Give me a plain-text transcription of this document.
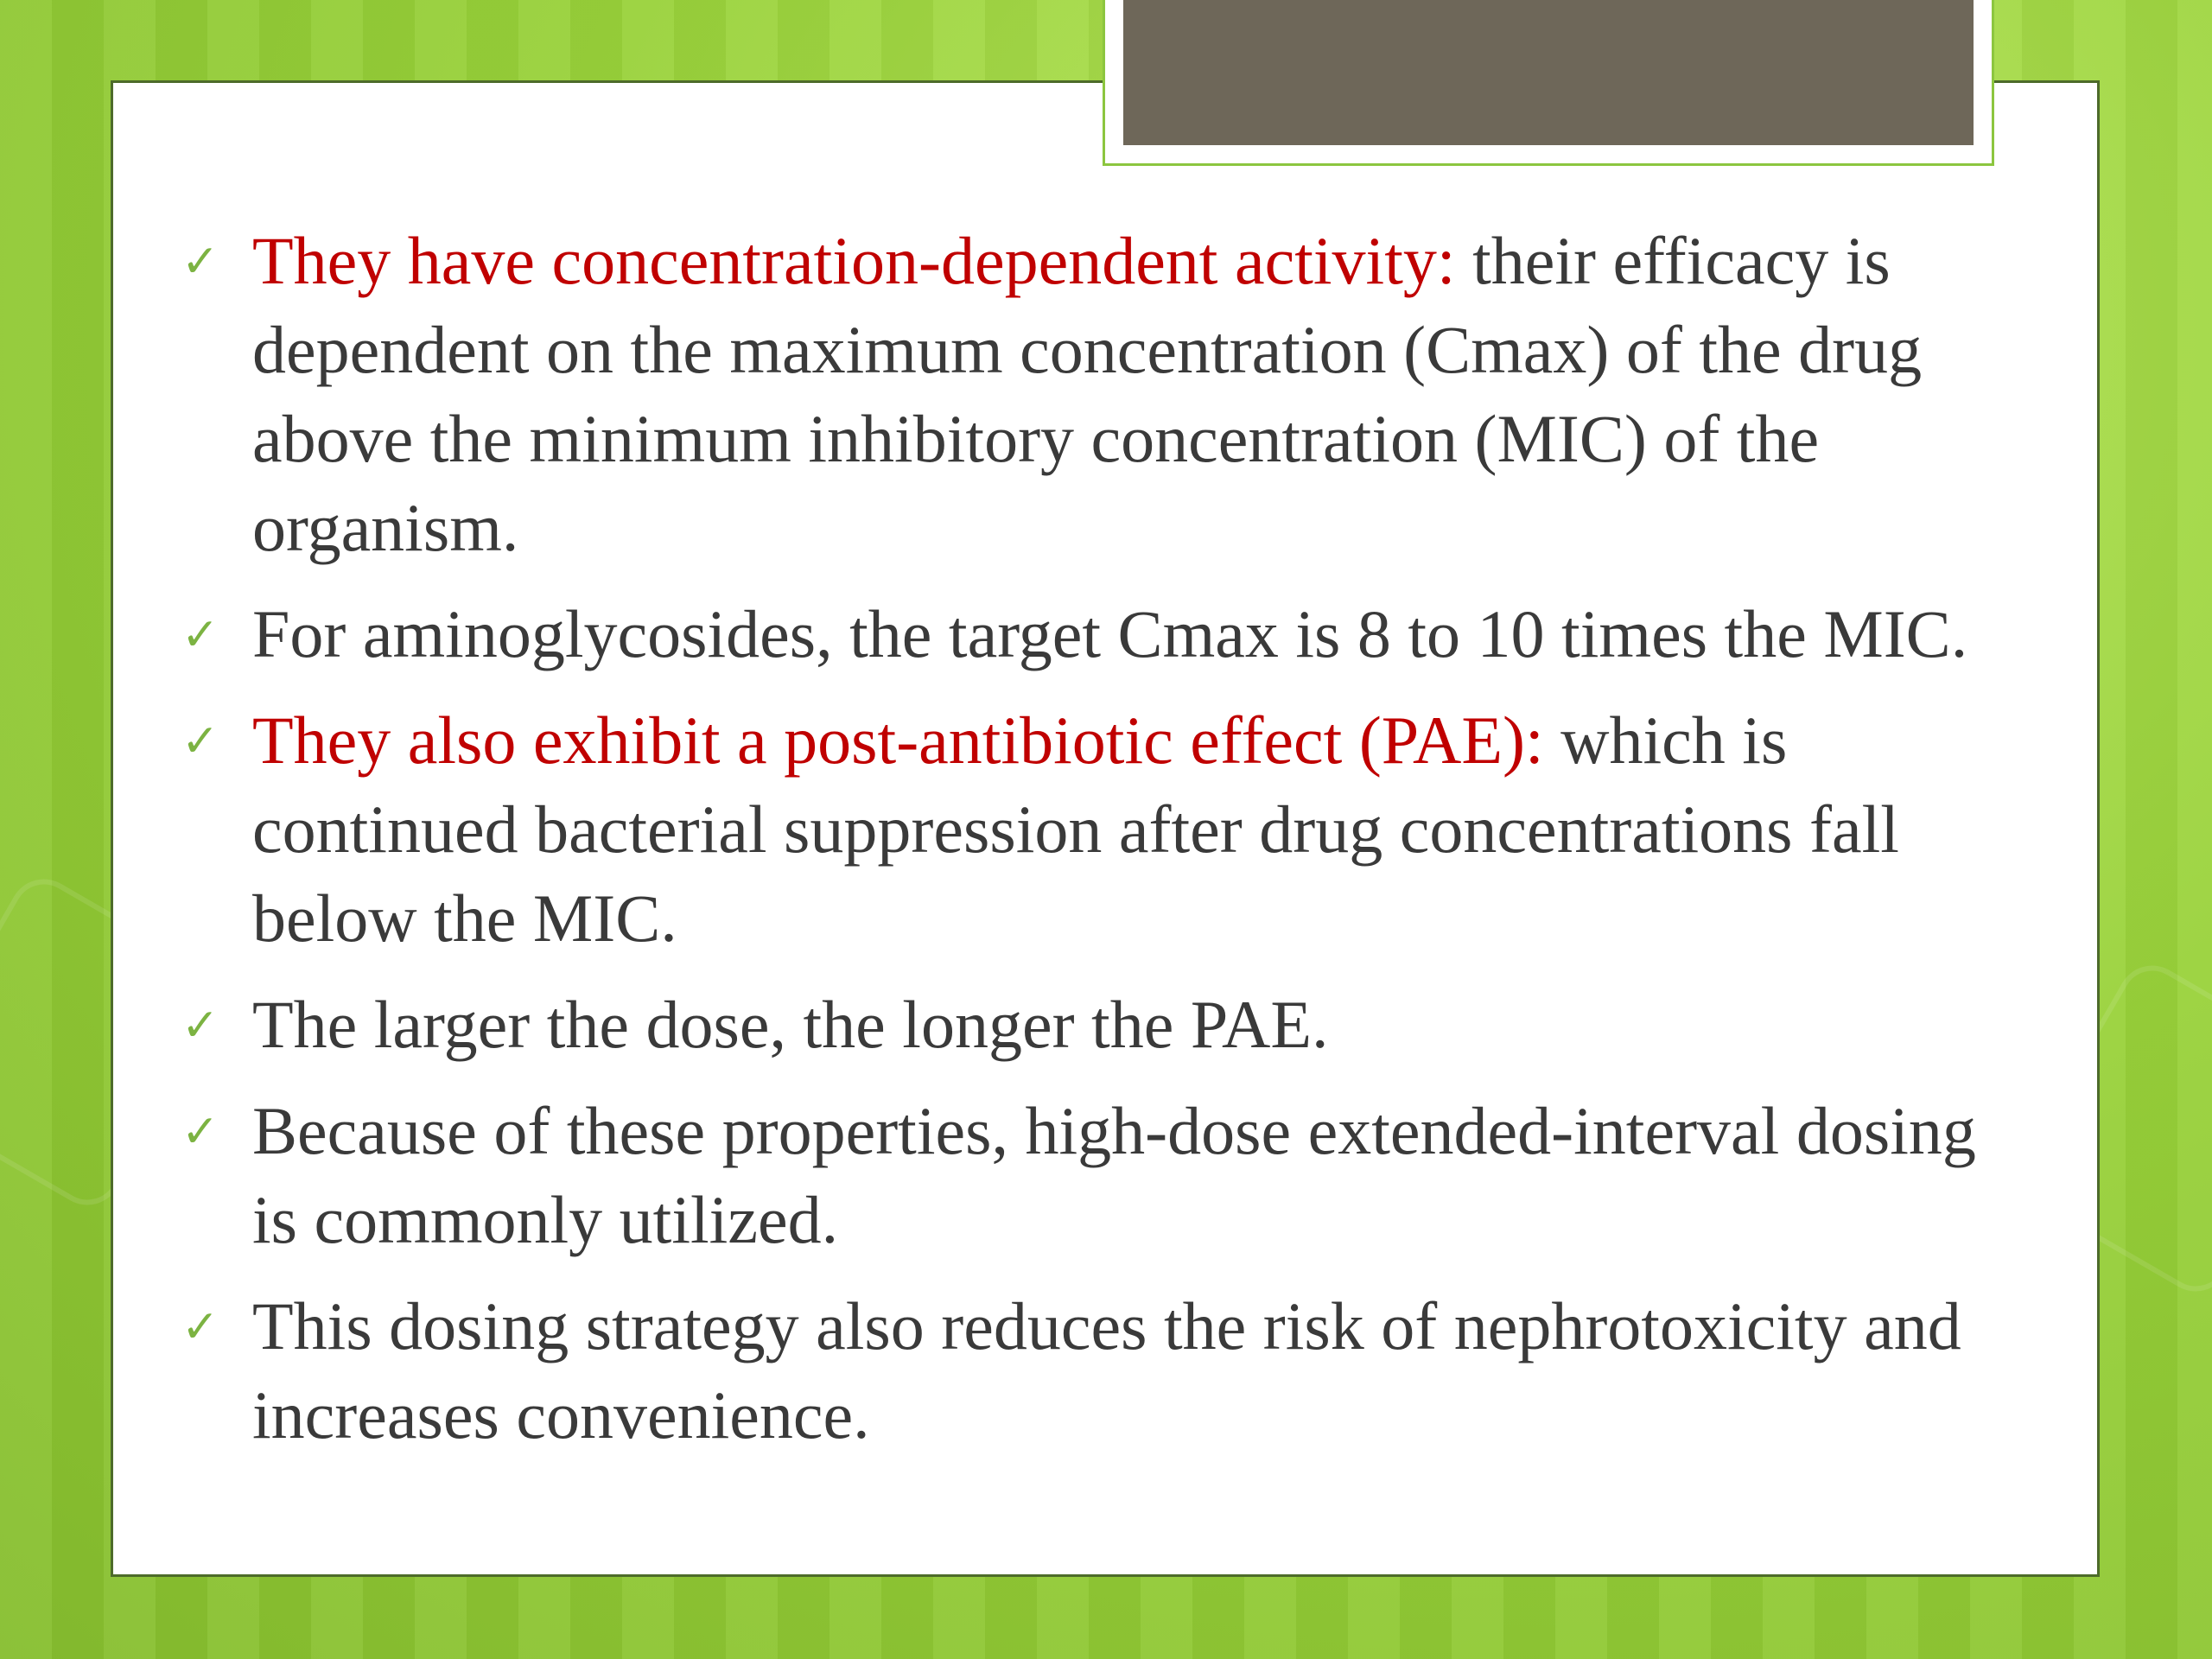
✓ They have concentration-dependent activity: their efficacy is dependent on the maximum concentration (Cmax) of the drug above the minimum inhibitory concentration (MIC) of the organism.
✓ For aminoglycosides, the target Cmax is 8 to 10 times the MIC.
✓ They also exhibit a post-antibiotic effect (PAE): which is continued bacterial suppression after drug concentrations fall below the MIC.
✓ The larger the dose, the longer the PAE.
✓ Because of these properties, high-dose extended-interval dosing is commonly utilized.
✓ This dosing strategy also reduces the risk of nephrotoxicity and increases convenience.
